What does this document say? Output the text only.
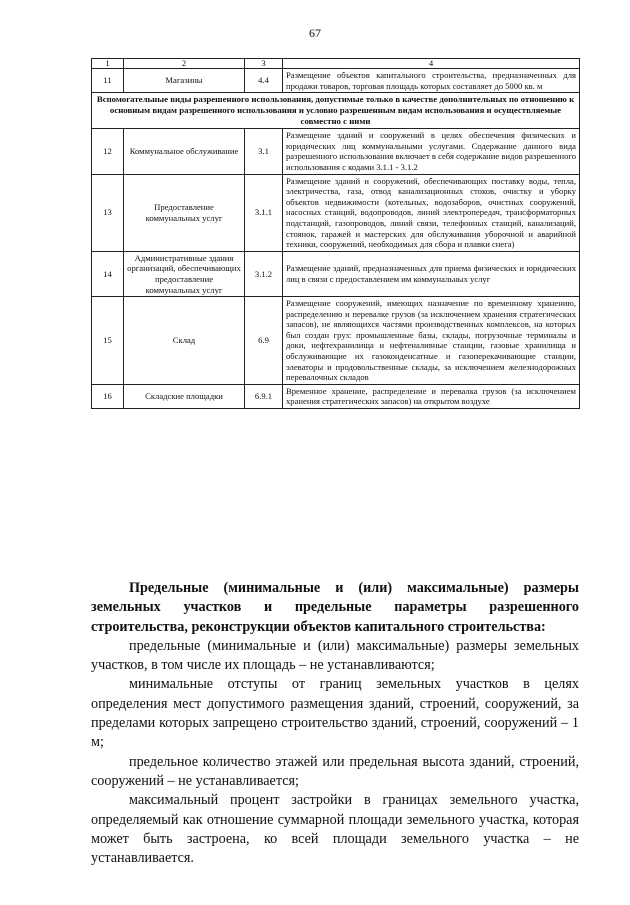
67
1	2	3	4
11	Магазины	4.4	Размещение объектов капитального строительства, предназначенных для продажи товаров, торговая площадь которых составляет до 5000 кв. м
Вспомогательные виды разрешенного использования, допустимые только в качестве дополнительных по отношению к основным видам разрешенного использования и условно разрешенным видам использования и осуществляемые совместно с ними			
12	Коммунальное обслуживание	3.1	Размещение зданий и сооружений в целях обеспечения физических и юридических лиц коммунальными услугами. Содержание данного вида разрешенного использования включает в себя содержание видов разрешенного использования с кодами 3.1.1 - 3.1.2
13	Предоставление коммунальных услуг	3.1.1	Размещение зданий и сооружений, обеспечивающих поставку воды, тепла, электричества, газа, отвод канализационных стоков, очистку и уборку объектов недвижимости (котельных, водозаборов, очистных сооружений, насосных станций, водопроводов, линий электропередач, трансформаторных подстанций, газопроводов, линий связи, телефонных станций, канализаций, стоянок, гаражей и мастерских для обслуживания уборочной и аварийной техники, сооружений, необходимых для сбора и плавки снега)
14	Административные здания организаций, обеспечивающих предоставление коммунальных услуг	3.1.2	Размещение зданий, предназначенных для приема физических и юридических лиц в связи с предоставлением им коммунальных услуг
15	Склад	6.9	Размещение сооружений, имеющих назначение по временному хранению, распределению и перевалке грузов (за исключением хранения стратегических запасов), не являющихся частями производственных комплексов, на которых был создан груз: промышленные базы, склады, погрузочные терминалы и доки, нефтехранилища и нефтеналивные станции, газовые хранилища и обслуживающие их газоконденсатные и газоперекачивающие станции, элеваторы и продовольственные склады, за исключением железнодорожных перевалочных складов
16	Складские площадки	6.9.1	Временное хранение, распределение и перевалка грузов (за исключением хранения стратегических запасов) на открытом воздухе

Предельные (минимальные и (или) максимальные) размеры земельных участков и предельные параметры разрешенного строительства, реконструкции объектов капитального строительства:

предельные (минимальные и (или) максимальные) размеры земельных участков, в том числе их площадь – не устанавливаются;

минимальные отступы от границ земельных участков в целях определения мест допустимого размещения зданий, строений, сооружений, за пределами которых запрещено строительство зданий, строений, сооружений – 1 м;

предельное количество этажей или предельная высота зданий, строений, сооружений – не устанавливается;

максимальный процент застройки в границах земельного участка, определяемый как отношение суммарной площади земельного участка, которая может быть застроена, ко всей площади земельного участка – не устанавливается.
